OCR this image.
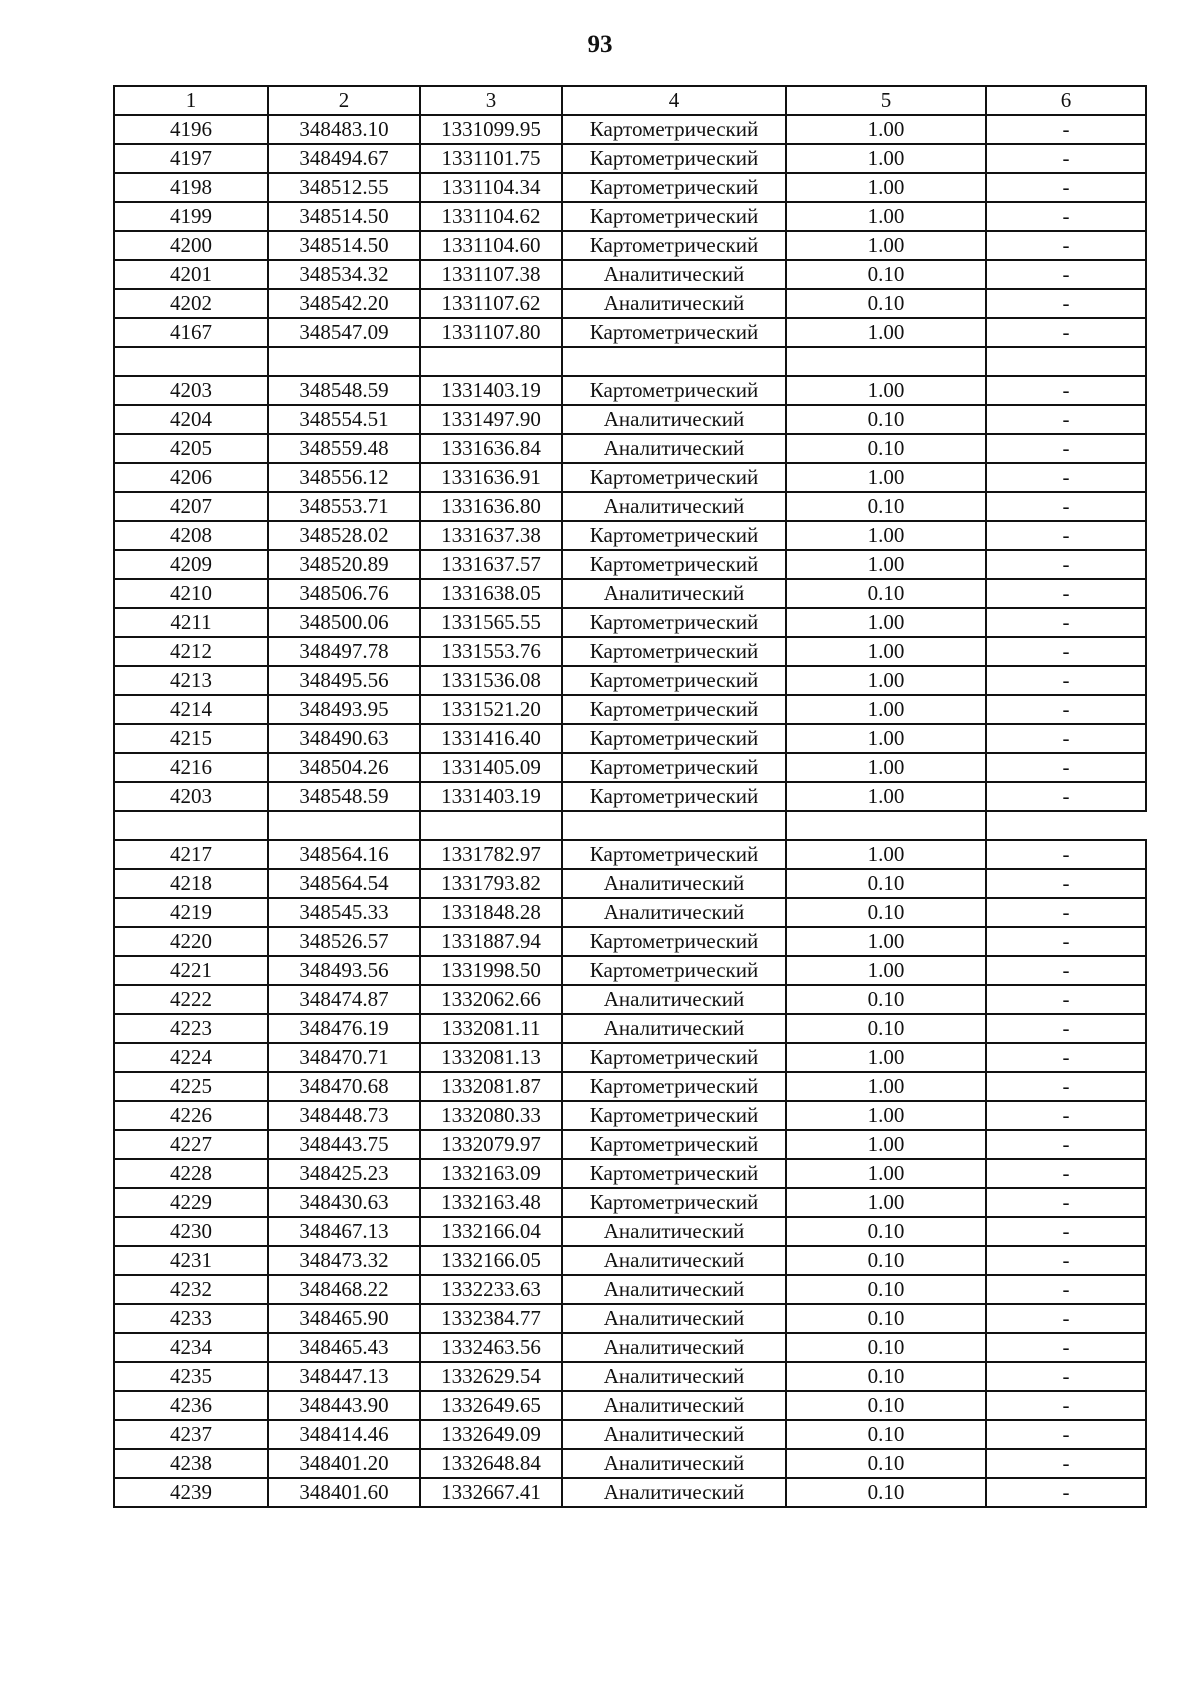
93
1	2	3	4	5	6
4196	348483.10	1331099.95	Картометрический	1.00	-
4197	348494.67	1331101.75	Картометрический	1.00	-
4198	348512.55	1331104.34	Картометрический	1.00	-
4199	348514.50	1331104.62	Картометрический	1.00	-
4200	348514.50	1331104.60	Картометрический	1.00	-
4201	348534.32	1331107.38	Аналитический	0.10	-
4202	348542.20	1331107.62	Аналитический	0.10	-
4167	348547.09	1331107.80	Картометрический	1.00	-

4203	348548.59	1331403.19	Картометрический	1.00	-
4204	348554.51	1331497.90	Аналитический	0.10	-
4205	348559.48	1331636.84	Аналитический	0.10	-
4206	348556.12	1331636.91	Картометрический	1.00	-
4207	348553.71	1331636.80	Аналитический	0.10	-
4208	348528.02	1331637.38	Картометрический	1.00	-
4209	348520.89	1331637.57	Картометрический	1.00	-
4210	348506.76	1331638.05	Аналитический	0.10	-
4211	348500.06	1331565.55	Картометрический	1.00	-
4212	348497.78	1331553.76	Картометрический	1.00	-
4213	348495.56	1331536.08	Картометрический	1.00	-
4214	348493.95	1331521.20	Картометрический	1.00	-
4215	348490.63	1331416.40	Картометрический	1.00	-
4216	348504.26	1331405.09	Картометрический	1.00	-
4203	348548.59	1331403.19	Картометрический	1.00	-

4217	348564.16	1331782.97	Картометрический	1.00	-
4218	348564.54	1331793.82	Аналитический	0.10	-
4219	348545.33	1331848.28	Аналитический	0.10	-
4220	348526.57	1331887.94	Картометрический	1.00	-
4221	348493.56	1331998.50	Картометрический	1.00	-
4222	348474.87	1332062.66	Аналитический	0.10	-
4223	348476.19	1332081.11	Аналитический	0.10	-
4224	348470.71	1332081.13	Картометрический	1.00	-
4225	348470.68	1332081.87	Картометрический	1.00	-
4226	348448.73	1332080.33	Картометрический	1.00	-
4227	348443.75	1332079.97	Картометрический	1.00	-
4228	348425.23	1332163.09	Картометрический	1.00	-
4229	348430.63	1332163.48	Картометрический	1.00	-
4230	348467.13	1332166.04	Аналитический	0.10	-
4231	348473.32	1332166.05	Аналитический	0.10	-
4232	348468.22	1332233.63	Аналитический	0.10	-
4233	348465.90	1332384.77	Аналитический	0.10	-
4234	348465.43	1332463.56	Аналитический	0.10	-
4235	348447.13	1332629.54	Аналитический	0.10	-
4236	348443.90	1332649.65	Аналитический	0.10	-
4237	348414.46	1332649.09	Аналитический	0.10	-
4238	348401.20	1332648.84	Аналитический	0.10	-
4239	348401.60	1332667.41	Аналитический	0.10	-
